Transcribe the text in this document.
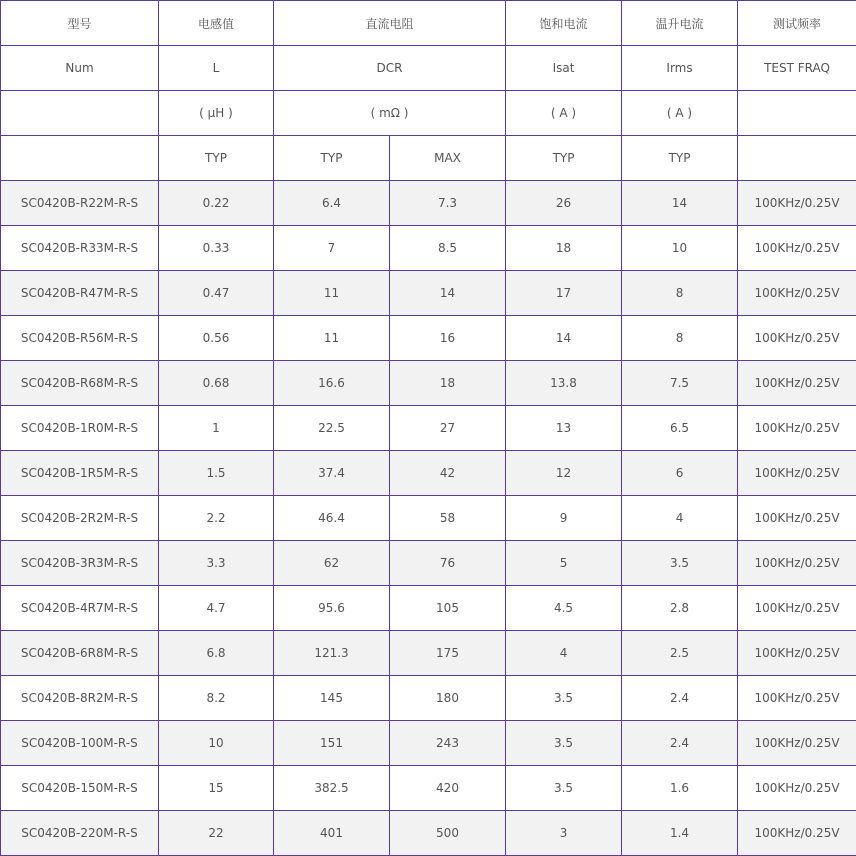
型号	电感值	直流电阻		饱和电流	温升电流	测试频率
Num	L	DCR		Isat	Irms	TEST FRAQ
	( μH )	( mΩ )		( A )	( A )	
	TYP	TYP	MAX	TYP	TYP	
SC0420B-R22M-R-S	0.22	6.4	7.3	26	14	100KHz/0.25V
SC0420B-R33M-R-S	0.33	7	8.5	18	10	100KHz/0.25V
SC0420B-R47M-R-S	0.47	11	14	17	8	100KHz/0.25V
SC0420B-R56M-R-S	0.56	11	16	14	8	100KHz/0.25V
SC0420B-R68M-R-S	0.68	16.6	18	13.8	7.5	100KHz/0.25V
SC0420B-1R0M-R-S	1	22.5	27	13	6.5	100KHz/0.25V
SC0420B-1R5M-R-S	1.5	37.4	42	12	6	100KHz/0.25V
SC0420B-2R2M-R-S	2.2	46.4	58	9	4	100KHz/0.25V
SC0420B-3R3M-R-S	3.3	62	76	5	3.5	100KHz/0.25V
SC0420B-4R7M-R-S	4.7	95.6	105	4.5	2.8	100KHz/0.25V
SC0420B-6R8M-R-S	6.8	121.3	175	4	2.5	100KHz/0.25V
SC0420B-8R2M-R-S	8.2	145	180	3.5	2.4	100KHz/0.25V
SC0420B-100M-R-S	10	151	243	3.5	2.4	100KHz/0.25V
SC0420B-150M-R-S	15	382.5	420	3.5	1.6	100KHz/0.25V
SC0420B-220M-R-S	22	401	500	3	1.4	100KHz/0.25V
